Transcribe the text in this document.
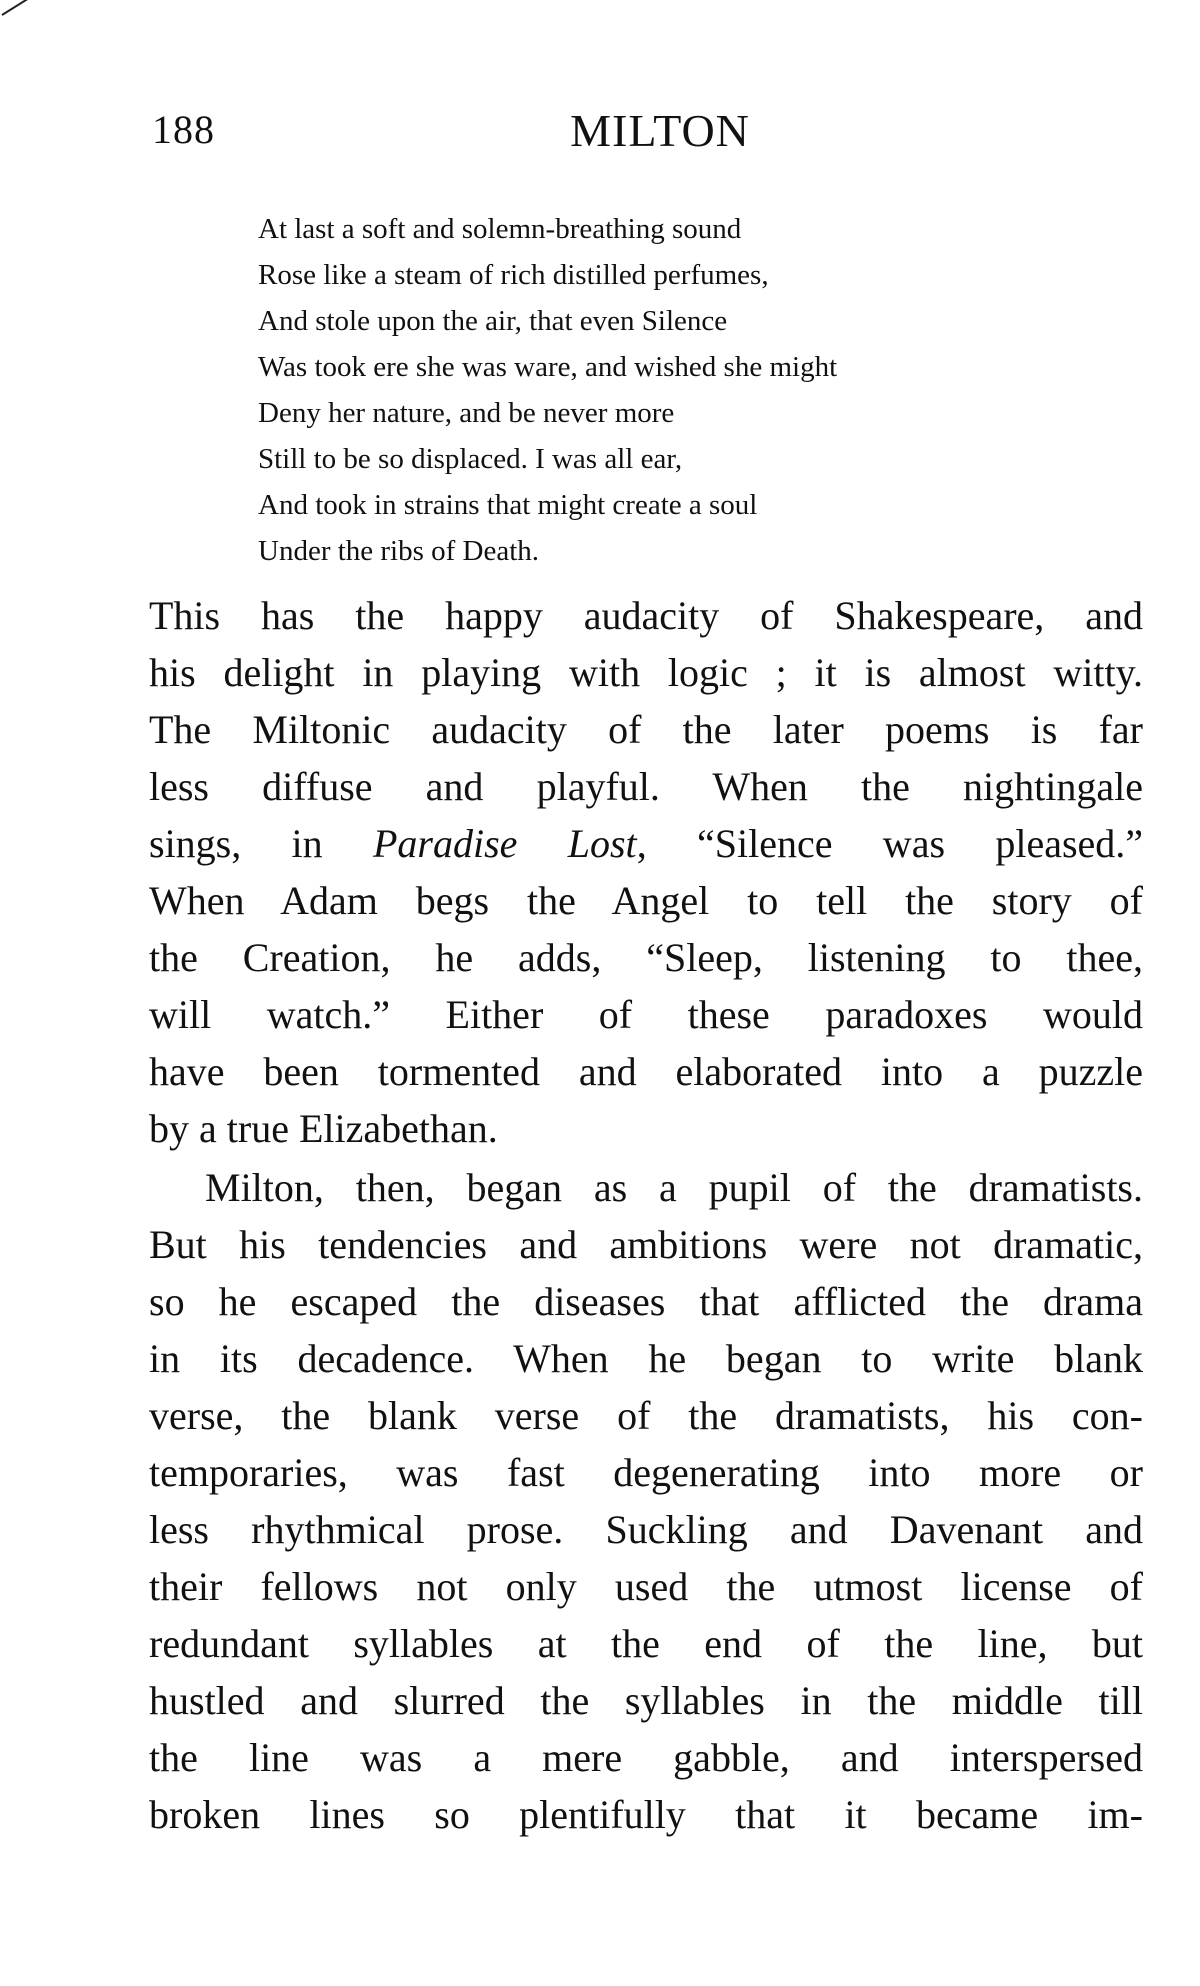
188	MILTON
At last a soft and solemn-breathing sound
Rose like a steam of rich distilled perfumes,
And stole upon the air, that even Silence
Was took ere she was ware, and wished she might
Deny her nature, and be never more
Still to be so displaced. I was all ear,
And took in strains that might create a soul
Under the ribs of Death.
This has the happy audacity of Shakespeare, and
his delight in playing with logic ; it is almost witty.
The Miltonic audacity of the later poems is far
less diffuse and playful. When the nightingale
sings, in Paradise Lost, “Silence was pleased.”
When Adam begs the Angel to tell the story of
the Creation, he adds, “Sleep, listening to thee,
will watch.” Either of these paradoxes would
have been tormented and elaborated into a puzzle
by a true Elizabethan.
Milton, then, began as a pupil of the dramatists.
But his tendencies and ambitions were not dramatic,
so he escaped the diseases that afflicted the drama
in its decadence. When he began to write blank
verse, the blank verse of the dramatists, his con-
temporaries, was fast degenerating into more or
less rhythmical prose. Suckling and Davenant and
their fellows not only used the utmost license of
redundant syllables at the end of the line, but
hustled and slurred the syllables in the middle till
the line was a mere gabble, and interspersed
broken lines so plentifully that it became im-
